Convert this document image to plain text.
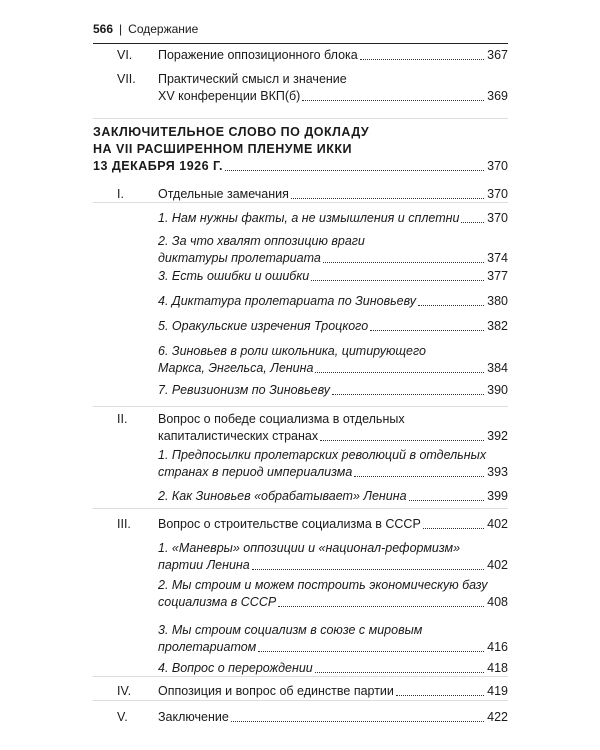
566 | Содержание
VI. Поражение оппозиционного блока	367
VII. Практический смысл и значение
XV конференции ВКП(б)	369
ЗАКЛЮЧИТЕЛЬНОЕ СЛОВО ПО ДОКЛАДУ
НА VII РАСШИРЕННОМ ПЛЕНУМЕ ИККИ
13 ДЕКАБРЯ 1926 Г.	370
I.	Отдельные замечания	370
1. Нам нужны факты, а не измышления и сплетни 370
2. За что хвалят оппозицию враги
диктатуры пролетариата	374
3. Есть ошибки и ошибки	377
4. Диктатура пролетариата по Зиновьеву	380
5. Оракульские изречения Троцкого	382
6. Зиновьев в роли школьника, цитирующего
Маркса, Энгельса, Ленина	384
7. Ревизионизм по Зиновьеву	390
II. Вопрос о победе социализма в отдельных
капиталистических странах	392
1. Предпосылки пролетарских революций в отдельных
странах в период империализма	393
2. Как Зиновьев «обрабатывает» Ленина	399
III. Вопрос о строительстве социализма в СССР	402
1. «Маневры» оппозиции и «национал-реформизм»
партии Ленина	402
2. Мы строим и можем построить экономическую базу
социализма в СССР	408
3. Мы строим социализм в союзе с мировым
пролетариатом	416
4. Вопрос о перерождении	418
IV. Оппозиция и вопрос об единстве партии	419
V. Заключение	422
